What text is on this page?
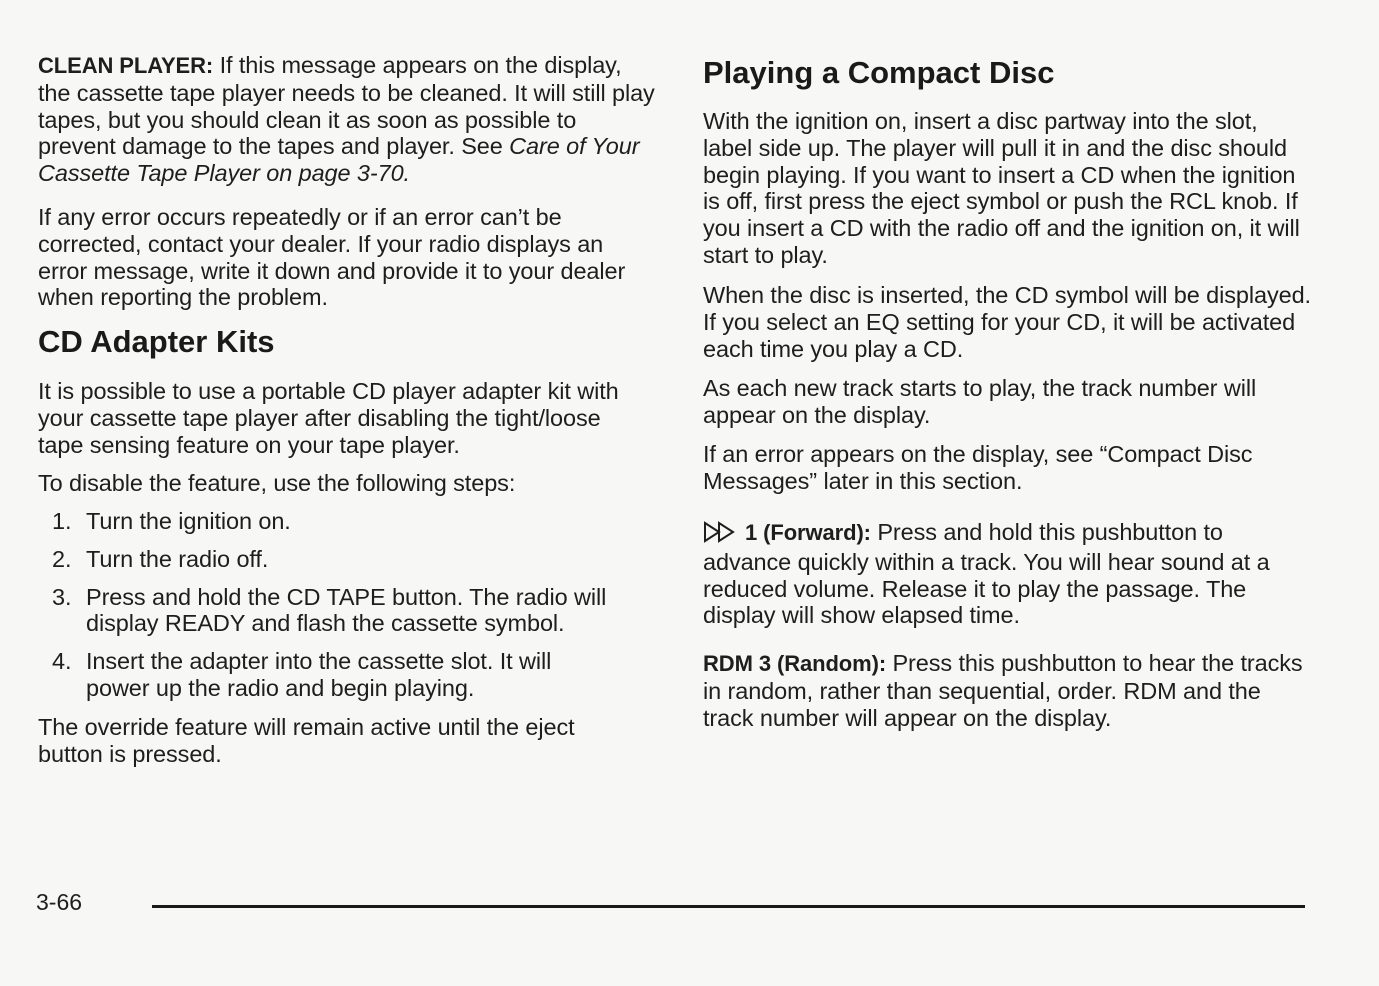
CLEAN PLAYER: If this message appears on the display, the cassette tape player needs to be cleaned. It will still play tapes, but you should clean it as soon as possible to prevent damage to the tapes and player. See Care of Your Cassette Tape Player on page 3-70.

If any error occurs repeatedly or if an error can’t be corrected, contact your dealer. If your radio displays an error message, write it down and provide it to your dealer when reporting the problem.

CD Adapter Kits

It is possible to use a portable CD player adapter kit with your cassette tape player after disabling the tight/loose tape sensing feature on your tape player.

To disable the feature, use the following steps:

1. Turn the ignition on.
2. Turn the radio off.
3. Press and hold the CD TAPE button. The radio will display READY and flash the cassette symbol.
4. Insert the adapter into the cassette slot. It will power up the radio and begin playing.

The override feature will remain active until the eject button is pressed.

Playing a Compact Disc

With the ignition on, insert a disc partway into the slot, label side up. The player will pull it in and the disc should begin playing. If you want to insert a CD when the ignition is off, first press the eject symbol or push the RCL knob. If you insert a CD with the radio off and the ignition on, it will start to play.

When the disc is inserted, the CD symbol will be displayed. If you select an EQ setting for your CD, it will be activated each time you play a CD.

As each new track starts to play, the track number will appear on the display.

If an error appears on the display, see “Compact Disc Messages” later in this section.

1 (Forward): Press and hold this pushbutton to advance quickly within a track. You will hear sound at a reduced volume. Release it to play the passage. The display will show elapsed time.

RDM 3 (Random): Press this pushbutton to hear the tracks in random, rather than sequential, order. RDM and the track number will appear on the display.

3-66
